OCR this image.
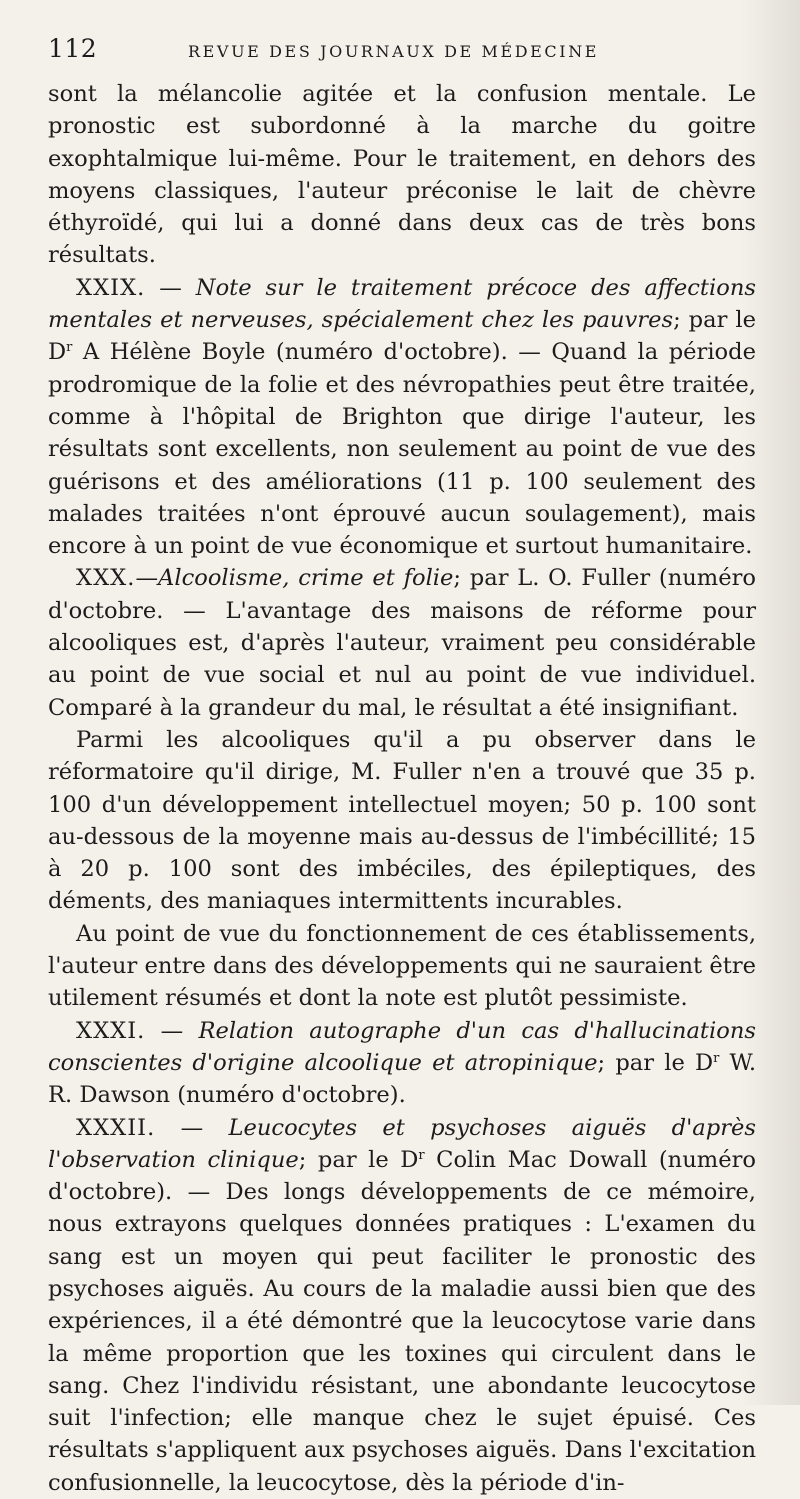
112	REVUE DES JOURNAUX DE MÉDECINE

sont la mélancolie agitée et la confusion mentale. Le pronostic est subordonné à la marche du goitre exophtalmique lui-même. Pour le traitement, en dehors des moyens classiques, l'auteur préconise le lait de chèvre éthyroïdé, qui lui a donné dans deux cas de très bons résultats.

XXIX. — Note sur le traitement précoce des affections mentales et nerveuses, spécialement chez les pauvres; par le $D^r$ A Hélène Boyle (numéro d'octobre). — Quand la période prodromique de la folie et des névropathies peut être traitée, comme à l'hôpital de Brighton que dirige l'auteur, les résultats sont excellents, non seulement au point de vue des guérisons et des améliorations (11 p. 100 seulement des malades traitées n'ont éprouvé aucun soulagement), mais encore à un point de vue économique et surtout humanitaire.

XXX.—Alcoolisme, crime et folie; par L. O. Fuller (numéro d'octobre. — L'avantage des maisons de réforme pour alcooliques est, d'après l'auteur, vraiment peu considérable au point de vue social et nul au point de vue individuel. Comparé à la grandeur du mal, le résultat a été insignifiant.

Parmi les alcooliques qu'il a pu observer dans le réformatoire qu'il dirige, M. Fuller n'en a trouvé que 35 p. 100 d'un développement intellectuel moyen; 50 p. 100 sont au-dessous de la moyenne mais au-dessus de l'imbécillité; 15 à 20 p. 100 sont des imbéciles, des épileptiques, des déments, des maniaques intermittents incurables.

Au point de vue du fonctionnement de ces établissements, l'auteur entre dans des développements qui ne sauraient être utilement résumés et dont la note est plutôt pessimiste.

XXXI. — Relation autographe d'un cas d'hallucinations conscientes d'origine alcoolique et atropinique; par le $D^r$ W. R. Dawson (numéro d'octobre).

XXXII. — Leucocytes et psychoses aiguës d'après l'observation clinique; par le $D^r$ Colin Mac Dowall (numéro d'octobre). — Des longs développements de ce mémoire, nous extrayons quelques données pratiques : L'examen du sang est un moyen qui peut faciliter le pronostic des psychoses aiguës. Au cours de la maladie aussi bien que des expériences, il a été démontré que la leucocytose varie dans la même proportion que les toxines qui circulent dans le sang. Chez l'individu résistant, une abondante leucocytose suit l'infection; elle manque chez le sujet épuisé. Ces résultats s'appliquent aux psychoses aiguës. Dans l'excitation confusionnelle, la leucocytose, dès la période d'in-
